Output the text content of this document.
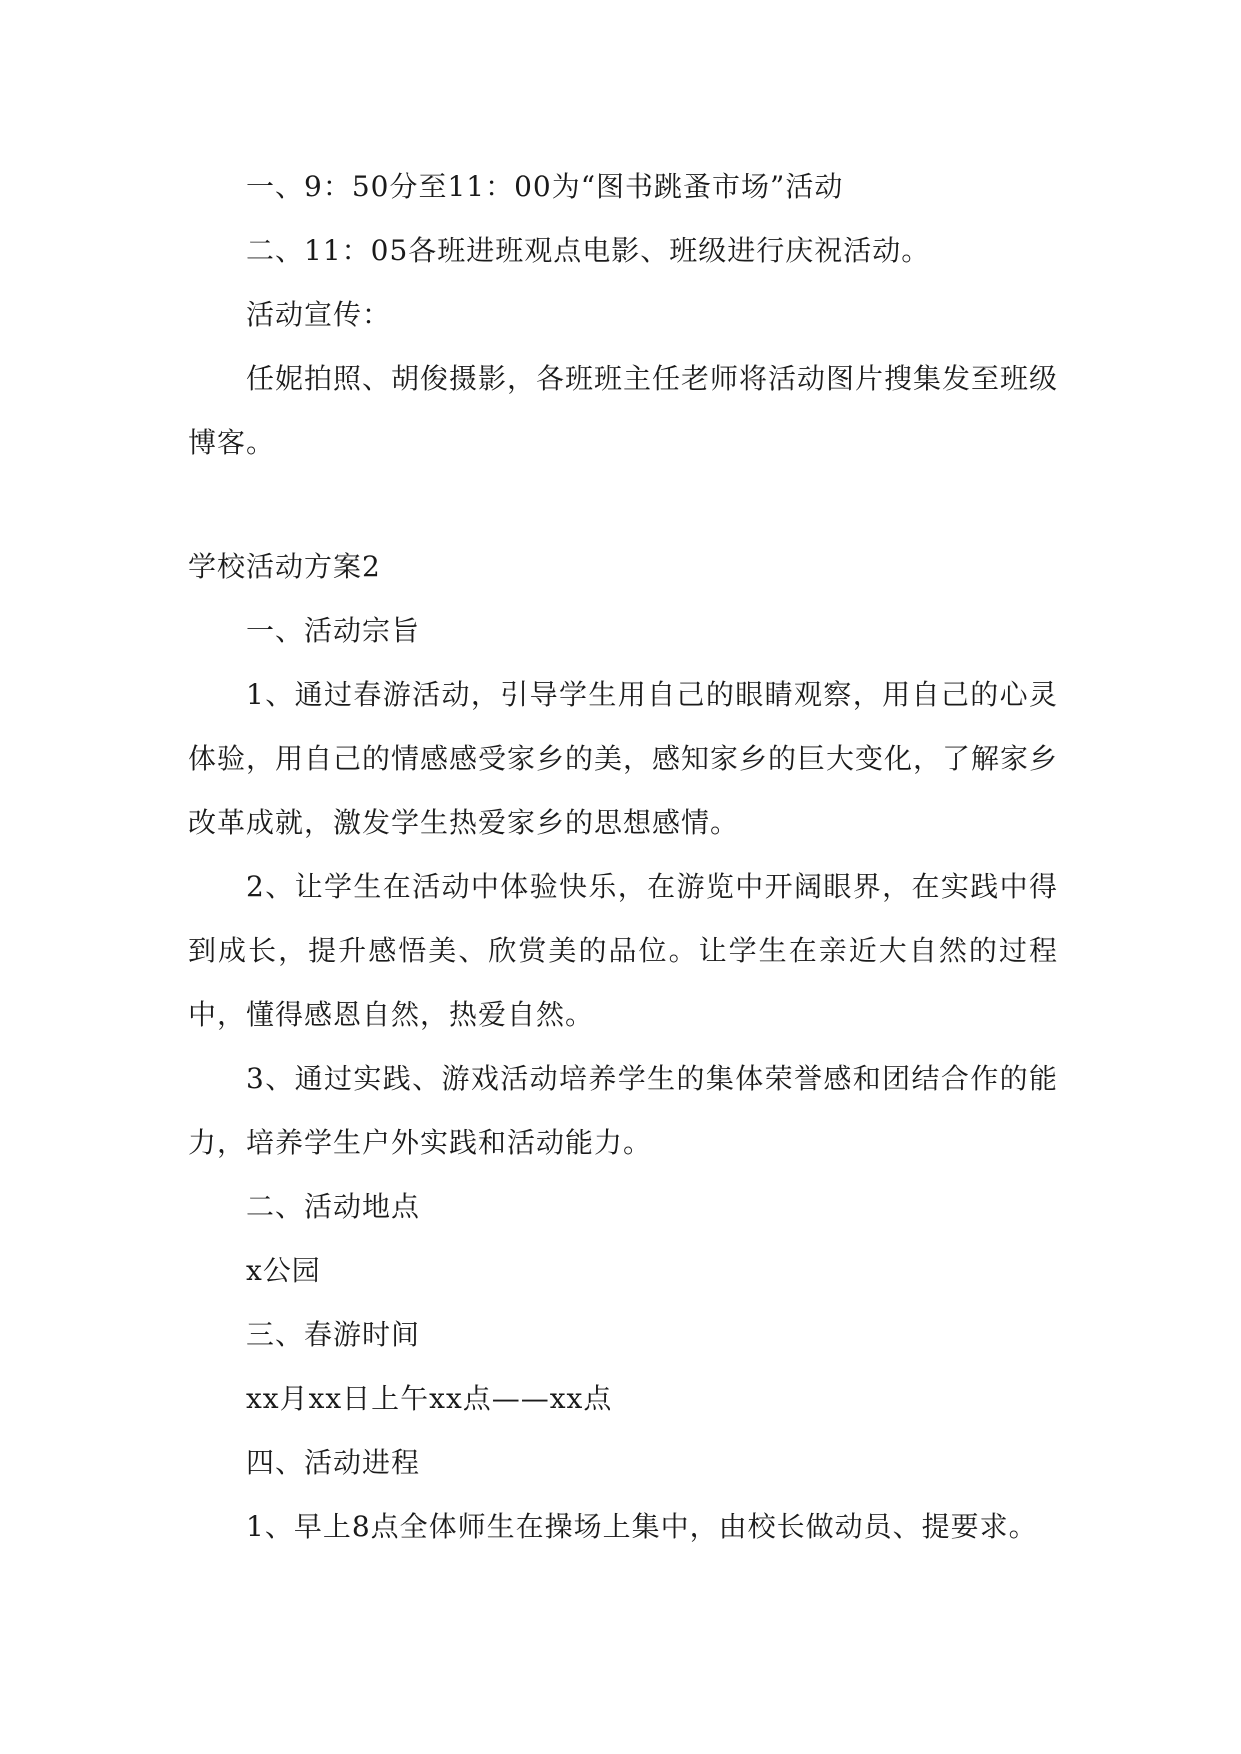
一、9：50分至11：00为“图书跳蚤市场”活动

二、11：05各班进班观点电影、班级进行庆祝活动。

活动宣传：

任妮拍照、胡俊摄影，各班班主任老师将活动图片搜集发至班级博客。

学校活动方案2

一、活动宗旨

1、通过春游活动，引导学生用自己的眼睛观察，用自己的心灵体验，用自己的情感感受家乡的美，感知家乡的巨大变化，了解家乡改革成就，激发学生热爱家乡的思想感情。

2、让学生在活动中体验快乐，在游览中开阔眼界，在实践中得到成长，提升感悟美、欣赏美的品位。让学生在亲近大自然的过程中，懂得感恩自然，热爱自然。

3、通过实践、游戏活动培养学生的集体荣誉感和团结合作的能力，培养学生户外实践和活动能力。

二、活动地点

x公园

三、春游时间

xx月xx日上午xx点——xx点

四、活动进程

1、早上8点全体师生在操场上集中，由校长做动员、提要求。
